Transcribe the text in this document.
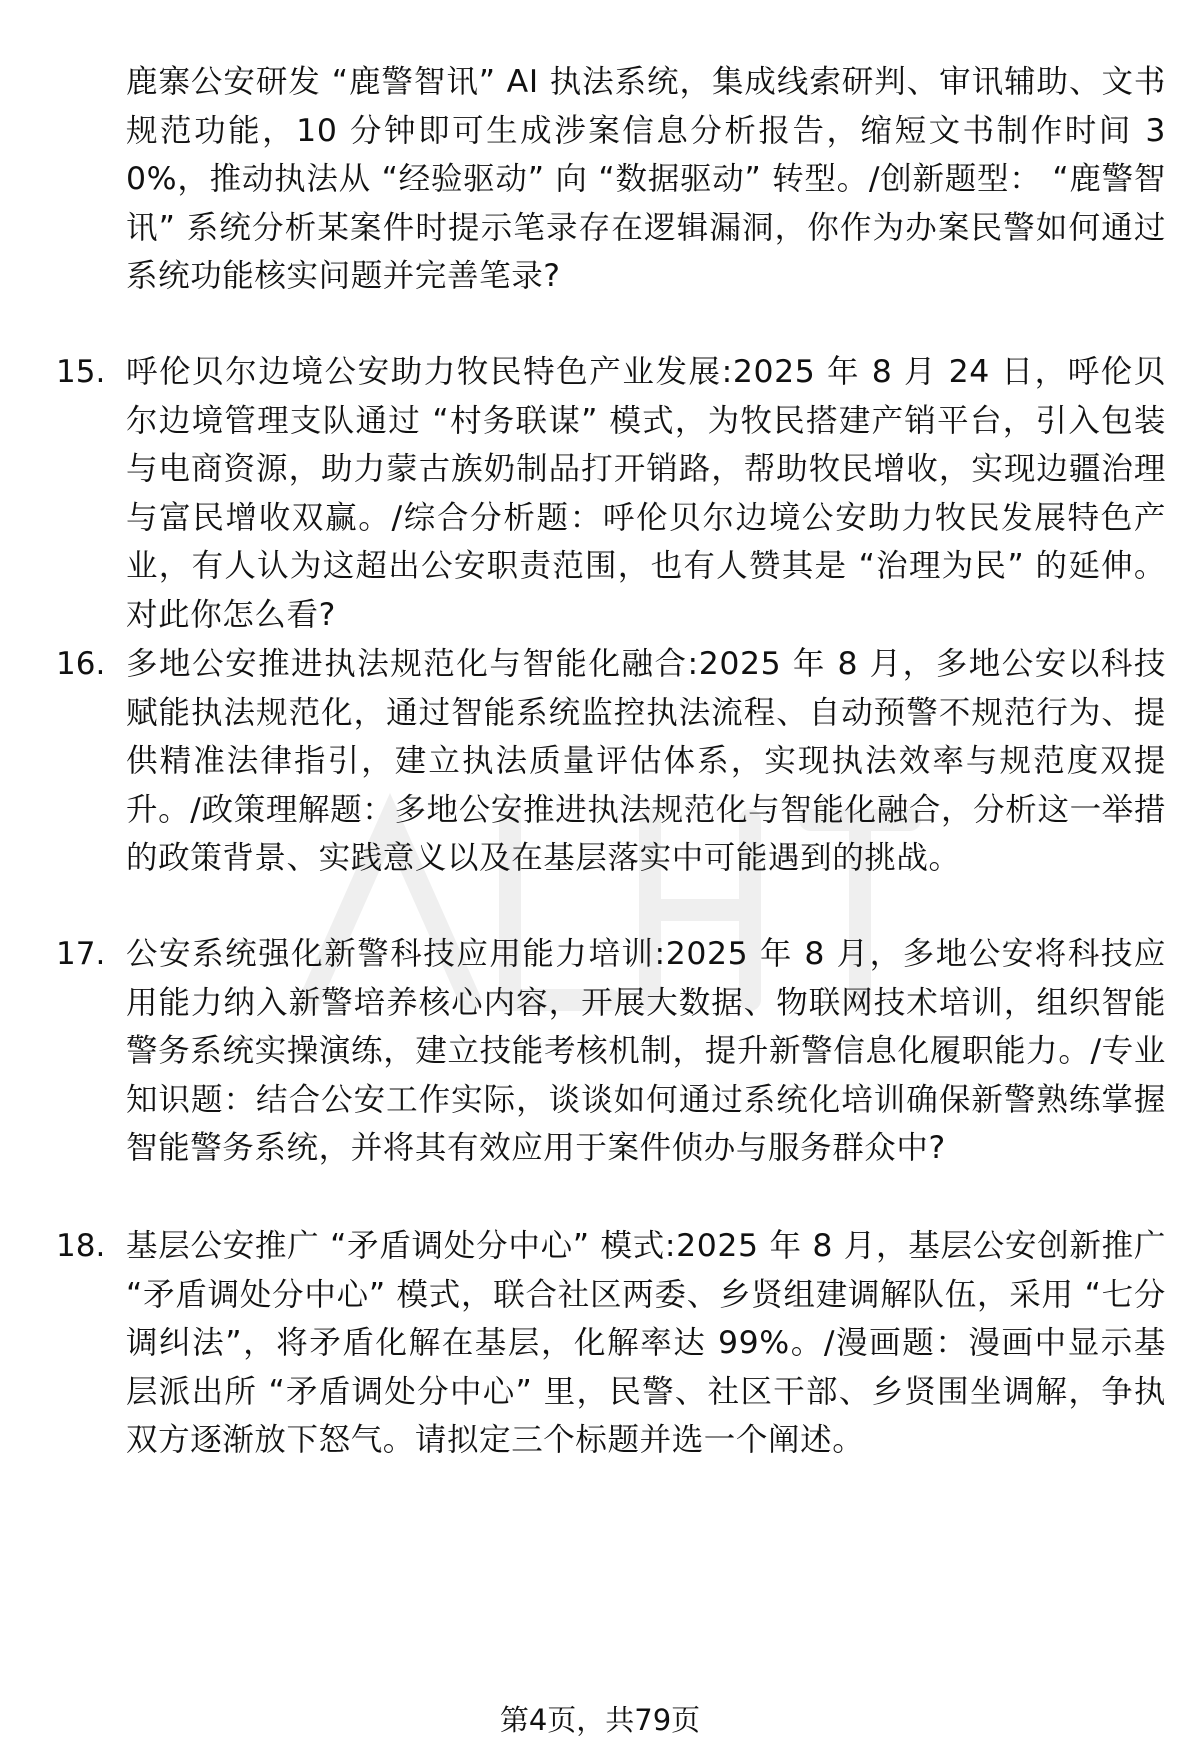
鹿寨公安研发 “鹿警智讯” AI 执法系统，集成线索研判、审讯辅助、文书规范功能，10 分钟即可生成涉案信息分析报告，缩短文书制作时间 30%，推动执法从 “经验驱动” 向 “数据驱动” 转型。/创新题型： “鹿警智讯” 系统分析某案件时提示笔录存在逻辑漏洞，你作为办案民警如何通过系统功能核实问题并完善笔录?
15. 呼伦贝尔边境公安助力牧民特色产业发展:2025 年 8 月 24 日，呼伦贝尔边境管理支队通过 “村务联谋” 模式，为牧民搭建产销平台，引入包装与电商资源，助力蒙古族奶制品打开销路，帮助牧民增收，实现边疆治理与富民增收双赢。/综合分析题：呼伦贝尔边境公安助力牧民发展特色产业，有人认为这超出公安职责范围，也有人赞其是 “治理为民” 的延伸。对此你怎么看?
16. 多地公安推进执法规范化与智能化融合:2025 年 8 月，多地公安以科技赋能执法规范化，通过智能系统监控执法流程、自动预警不规范行为、提供精准法律指引，建立执法质量评估体系，实现执法效率与规范度双提升。/政策理解题：多地公安推进执法规范化与智能化融合，分析这一举措的政策背景、实践意义以及在基层落实中可能遇到的挑战。
17. 公安系统强化新警科技应用能力培训:2025 年 8 月，多地公安将科技应用能力纳入新警培养核心内容，开展大数据、物联网技术培训，组织智能警务系统实操演练，建立技能考核机制，提升新警信息化履职能力。/专业知识题：结合公安工作实际，谈谈如何通过系统化培训确保新警熟练掌握智能警务系统，并将其有效应用于案件侦办与服务群众中?
18. 基层公安推广 “矛盾调处分中心” 模式:2025 年 8 月，基层公安创新推广 “矛盾调处分中心” 模式，联合社区两委、乡贤组建调解队伍，采用 “七分调纠法”，将矛盾化解在基层，化解率达 99%。/漫画题：漫画中显示基层派出所 “矛盾调处分中心” 里，民警、社区干部、乡贤围坐调解，争执双方逐渐放下怒气。请拟定三个标题并选一个阐述。
第4页，共79页
